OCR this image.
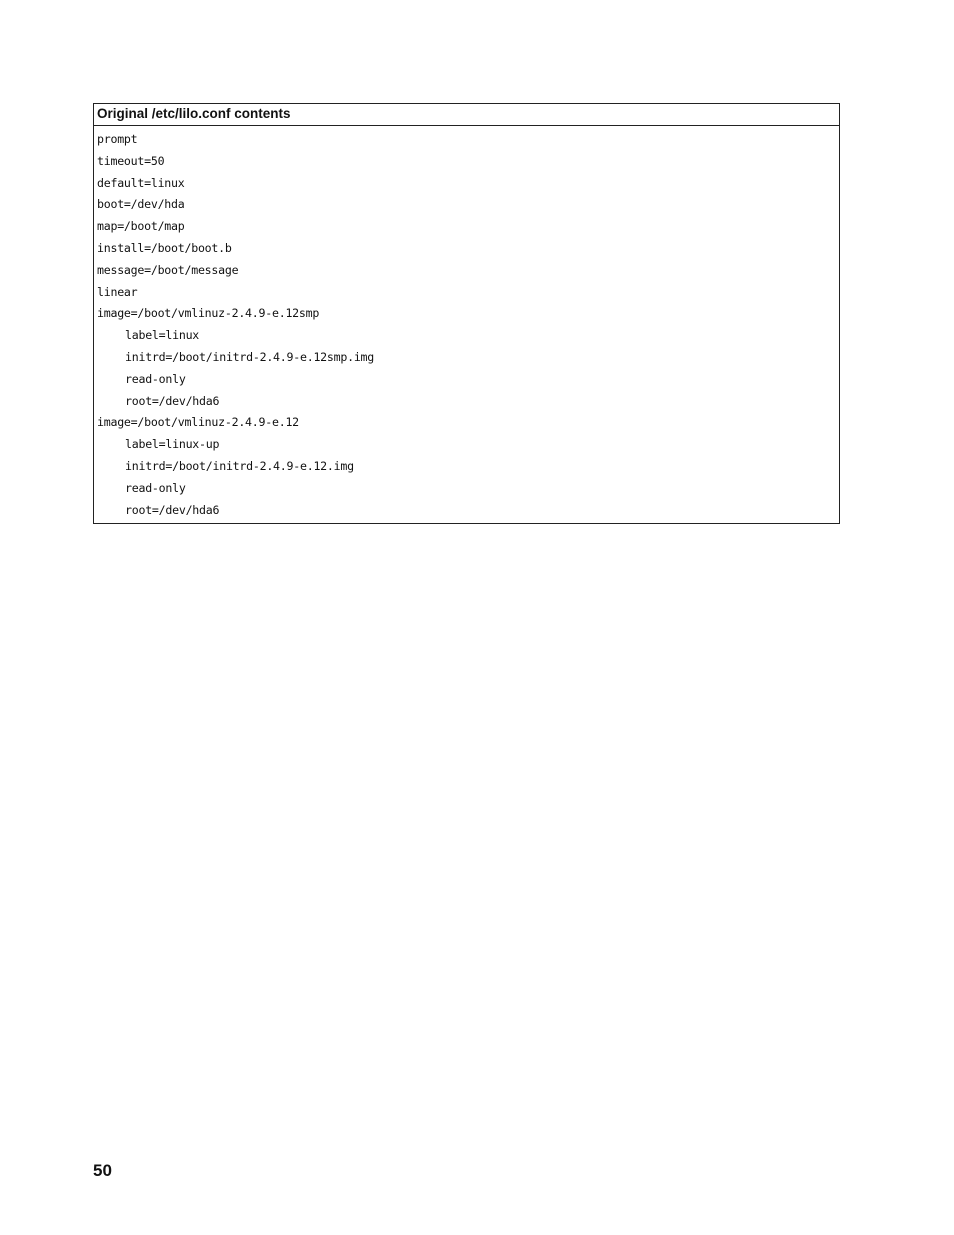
Original /etc/lilo.conf contents
prompt
timeout=50
default=linux
boot=/dev/hda
map=/boot/map
install=/boot/boot.b
message=/boot/message
linear
image=/boot/vmlinuz-2.4.9-e.12smp
label=linux
initrd=/boot/initrd-2.4.9-e.12smp.img
read-only
root=/dev/hda6
image=/boot/vmlinuz-2.4.9-e.12
label=linux-up
initrd=/boot/initrd-2.4.9-e.12.img
read-only
root=/dev/hda6
50
